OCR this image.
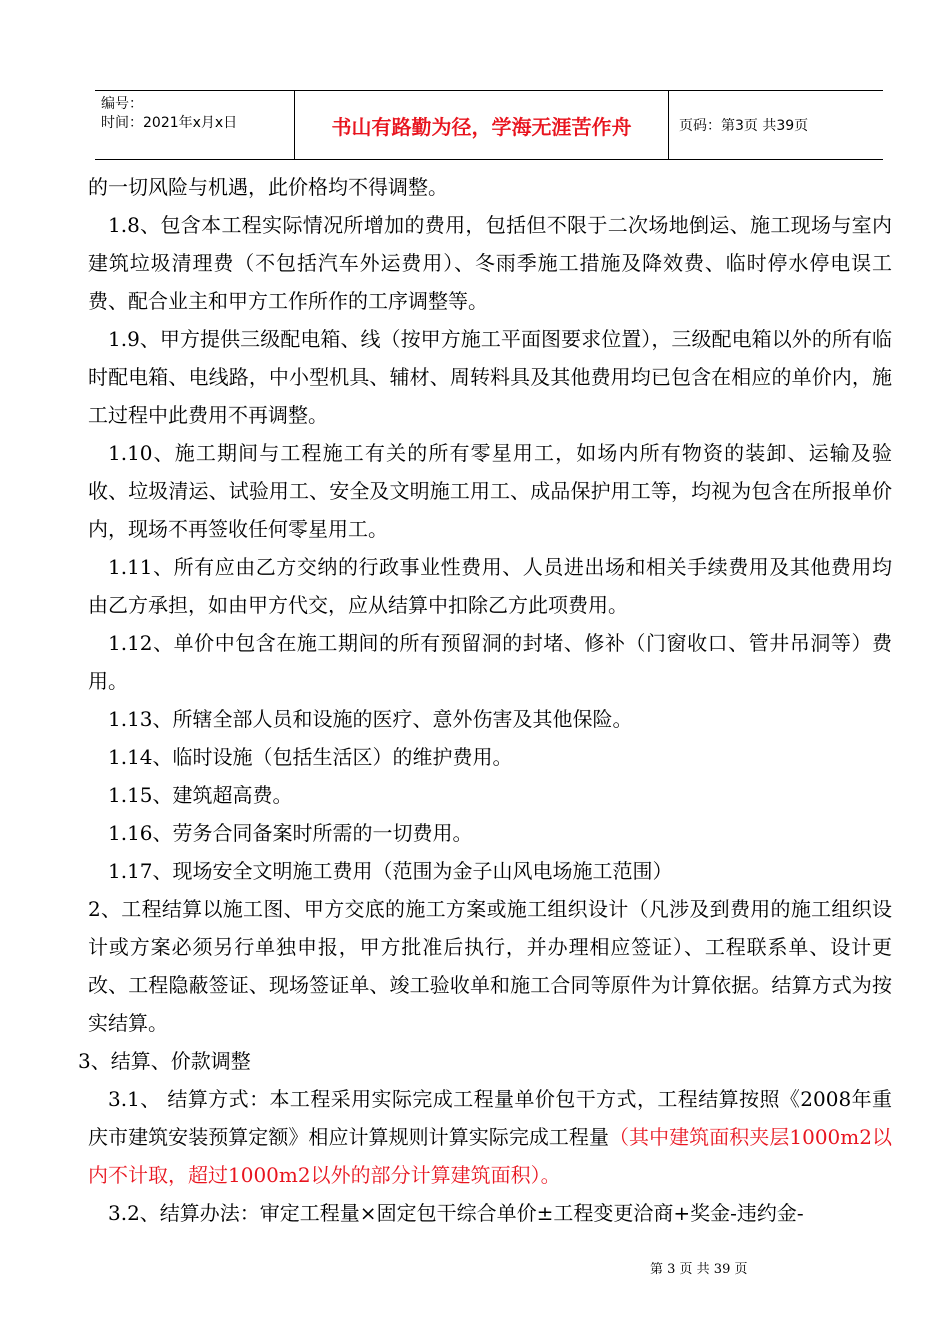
编号：
时间：2021年x月x日	书山有路勤为径，学海无涯苦作舟	页码：第3页 共39页

的一切风险与机遇，此价格均不得调整。

1.8、包含本工程实际情况所增加的费用，包括但不限于二次场地倒运、施工现场与室内建筑垃圾清理费（不包括汽车外运费用）、冬雨季施工措施及降效费、临时停水停电误工费、配合业主和甲方工作所作的工序调整等。

1.9、甲方提供三级配电箱、线（按甲方施工平面图要求位置），三级配电箱以外的所有临时配电箱、电线路，中小型机具、辅材、周转料具及其他费用均已包含在相应的单价内，施工过程中此费用不再调整。

1.10、施工期间与工程施工有关的所有零星用工，如场内所有物资的装卸、运输及验收、垃圾清运、试验用工、安全及文明施工用工、成品保护用工等，均视为包含在所报单价内，现场不再签收任何零星用工。

1.11、所有应由乙方交纳的行政事业性费用、人员进出场和相关手续费用及其他费用均由乙方承担，如由甲方代交，应从结算中扣除乙方此项费用。

1.12、单价中包含在施工期间的所有预留洞的封堵、修补（门窗收口、管井吊洞等）费用。

1.13、所辖全部人员和设施的医疗、意外伤害及其他保险。

1.14、临时设施（包括生活区）的维护费用。

1.15、建筑超高费。

1.16、劳务合同备案时所需的一切费用。

1.17、现场安全文明施工费用（范围为金子山风电场施工范围）

2、工程结算以施工图、甲方交底的施工方案或施工组织设计（凡涉及到费用的施工组织设计或方案必须另行单独申报，甲方批准后执行，并办理相应签证）、工程联系单、设计更改、工程隐蔽签证、现场签证单、竣工验收单和施工合同等原件为计算依据。结算方式为按实结算。

3、结算、价款调整

3.1、 结算方式：本工程采用实际完成工程量单价包干方式，工程结算按照《2008年重庆市建筑安装预算定额》相应计算规则计算实际完成工程量（其中建筑面积夹层1000m2以内不计取，超过1000m2以外的部分计算建筑面积）。

3.2、结算办法：审定工程量×固定包干综合单价±工程变更洽商+奖金-违约金-

第 3 页 共 39 页
